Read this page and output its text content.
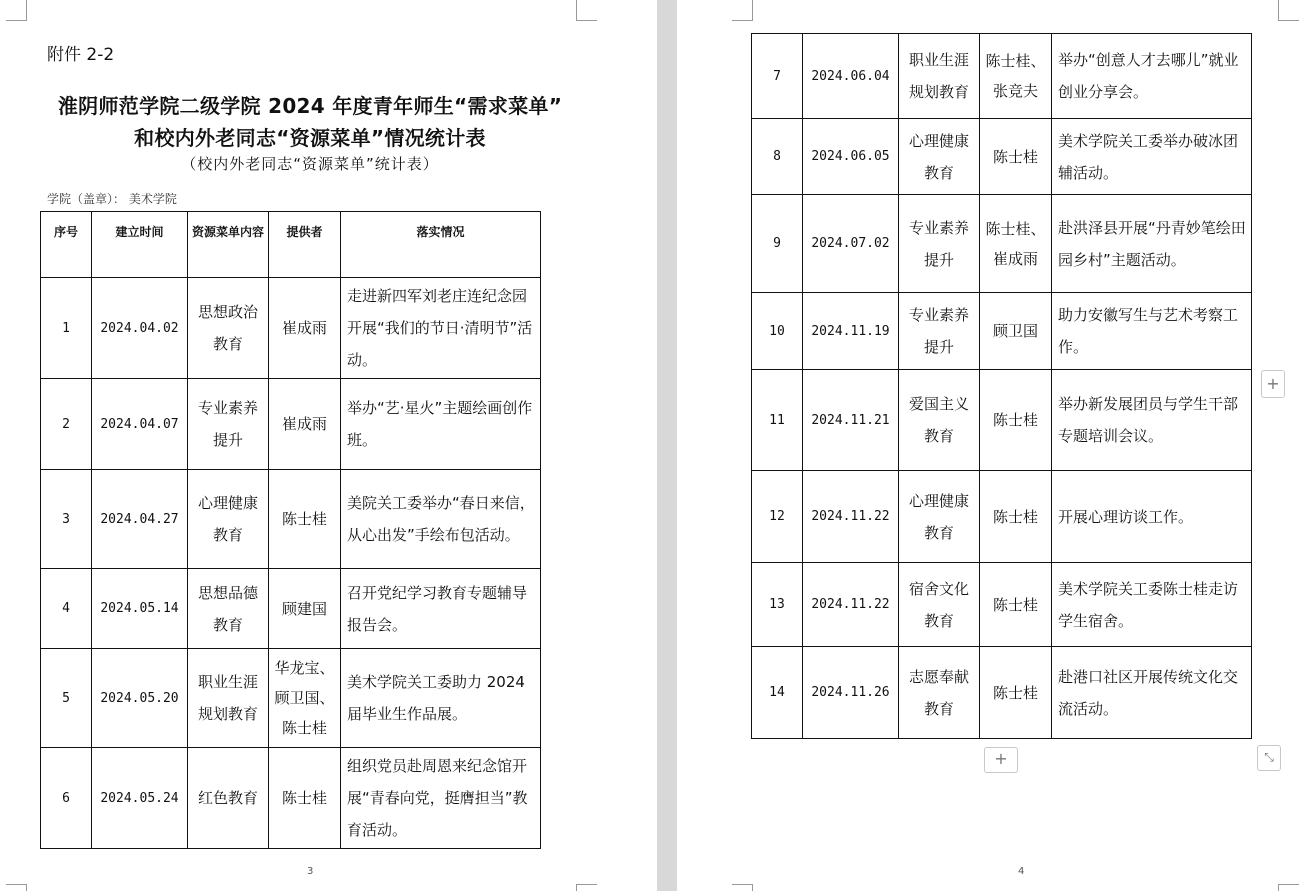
附件 2-2
淮阴师范学院二级学院 2024 年度青年师生“需求菜单”
和校内外老同志“资源菜单”情况统计表
（校内外老同志“资源菜单”统计表）
学院（盖章）： 美术学院
序号	建立时间	资源菜单内容	提供者	落实情况
1	2024.04.02	思想政治教育	崔成雨	走进新四军刘老庄连纪念园开展“我们的节日·清明节”活动。
2	2024.04.07	专业素养提升	崔成雨	举办“艺·星火”主题绘画创作班。
3	2024.04.27	心理健康教育	陈士桂	美院关工委举办“春日来信，从心出发”手绘布包活动。
4	2024.05.14	思想品德教育	顾建国	召开党纪学习教育专题辅导报告会。
5	2024.05.20	职业生涯规划教育	华龙宝、顾卫国、陈士桂	美术学院关工委助力 2024 届毕业生作品展。
6	2024.05.24	红色教育	陈士桂	组织党员赴周恩来纪念馆开展“青春向党，挺膺担当”教育活动。
3
7	2024.06.04	职业生涯规划教育	陈士桂、张竞夫	举办“创意人才去哪儿”就业创业分享会。
8	2024.06.05	心理健康教育	陈士桂	美术学院关工委举办破冰团辅活动。
9	2024.07.02	专业素养提升	陈士桂、崔成雨	赴洪泽县开展“丹青妙笔绘田园乡村”主题活动。
10	2024.11.19	专业素养提升	顾卫国	助力安徽写生与艺术考察工作。
11	2024.11.21	爱国主义教育	陈士桂	举办新发展团员与学生干部专题培训会议。
12	2024.11.22	心理健康教育	陈士桂	开展心理访谈工作。
13	2024.11.22	宿舍文化教育	陈士桂	美术学院关工委陈士桂走访学生宿舍。
14	2024.11.26	志愿奉献教育	陈士桂	赴港口社区开展传统文化交流活动。
+
+	⤡
4
